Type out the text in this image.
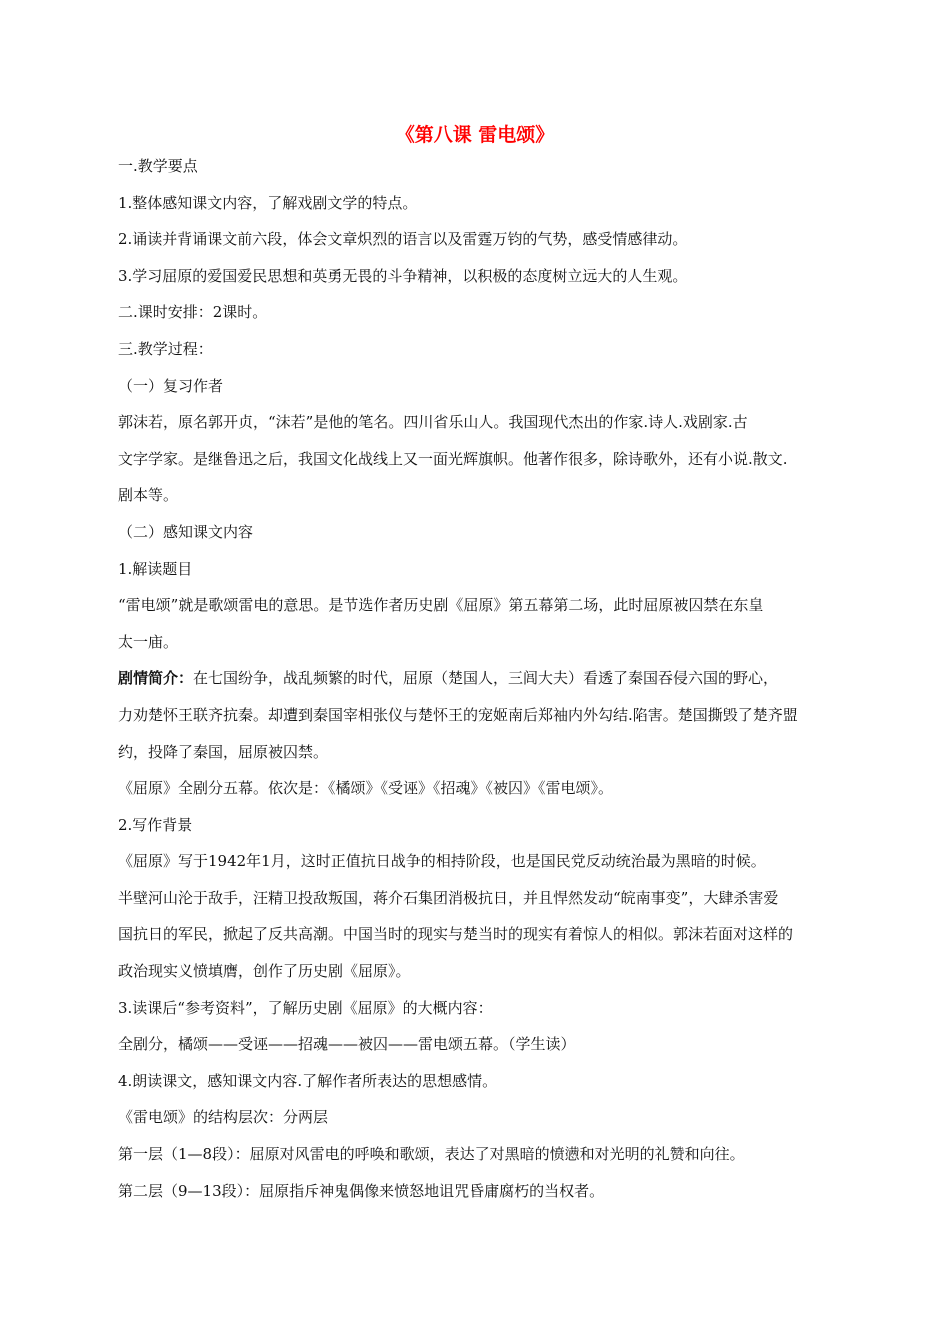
《第八课 雷电颂》

一.教学要点

1.整体感知课文内容，了解戏剧文学的特点。

2.诵读并背诵课文前六段，体会文章炽烈的语言以及雷霆万钧的气势，感受情感律动。

3.学习屈原的爱国爱民思想和英勇无畏的斗争精神，以积极的态度树立远大的人生观。

二.课时安排：2课时。

三.教学过程：

（一）复习作者

郭沫若，原名郭开贞，“沫若”是他的笔名。四川省乐山人。我国现代杰出的作家.诗人.戏剧家.古

文字学家。是继鲁迅之后，我国文化战线上又一面光辉旗帜。他著作很多，除诗歌外，还有小说.散文.

剧本等。

（二）感知课文内容

1.解读题目

“雷电颂”就是歌颂雷电的意思。是节选作者历史剧《屈原》第五幕第二场，此时屈原被囚禁在东皇

太一庙。

剧情简介：在七国纷争，战乱频繁的时代，屈原（楚国人，三闾大夫）看透了秦国吞侵六国的野心，

力劝楚怀王联齐抗秦。却遭到秦国宰相张仪与楚怀王的宠姬南后郑袖内外勾结.陷害。楚国撕毁了楚齐盟

约，投降了秦国，屈原被囚禁。

《屈原》全剧分五幕。依次是：《橘颂》《受诬》《招魂》《被囚》《雷电颂》。

2.写作背景

《屈原》写于1942年1月，这时正值抗日战争的相持阶段，也是国民党反动统治最为黑暗的时候。

半壁河山沦于敌手，汪精卫投敌叛国，蒋介石集团消极抗日，并且悍然发动“皖南事变”，大肆杀害爱

国抗日的军民，掀起了反共高潮。中国当时的现实与楚当时的现实有着惊人的相似。郭沫若面对这样的

政治现实义愤填膺，创作了历史剧《屈原》。

3.读课后“参考资料”，了解历史剧《屈原》的大概内容：

全剧分，橘颂——受诬——招魂——被囚——雷电颂五幕。（学生读）

4.朗读课文，感知课文内容.了解作者所表达的思想感情。

《雷电颂》的结构层次：分两层

第一层（1—8段）：屈原对风雷电的呼唤和歌颂，表达了对黑暗的愤懑和对光明的礼赞和向往。

第二层（9—13段）：屈原指斥神鬼偶像来愤怒地诅咒昏庸腐朽的当权者。
